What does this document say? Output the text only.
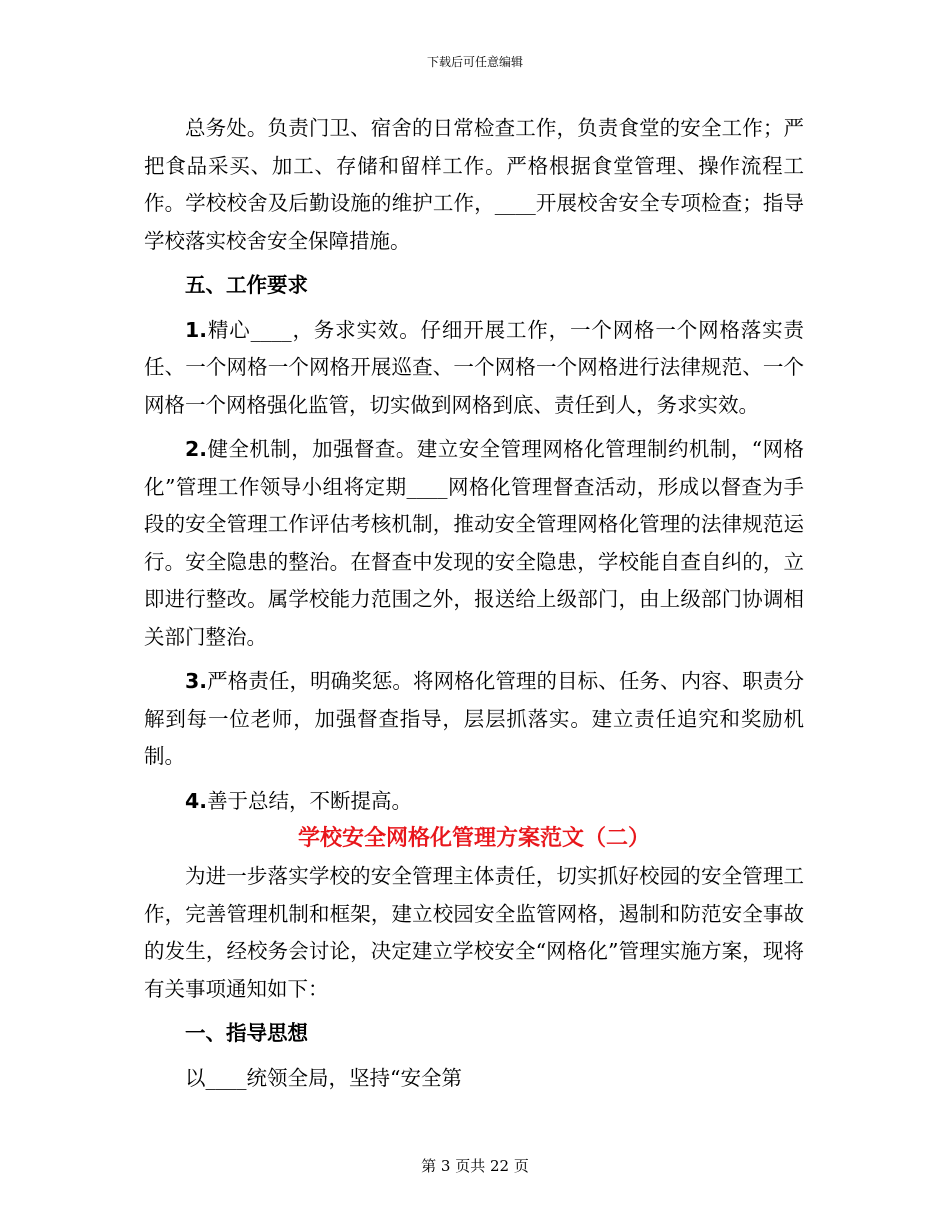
下载后可任意编辑

总务处。负责门卫、宿舍的日常检查工作，负责食堂的安全工作；严把食品采买、加工、存储和留样工作。严格根据食堂管理、操作流程工作。学校校舍及后勤设施的维护工作，____开展校舍安全专项检查；指导学校落实校舍安全保障措施。

五、工作要求

1.精心____，务求实效。仔细开展工作，一个网格一个网格落实责任、一个网格一个网格开展巡查、一个网格一个网格进行法律规范、一个网格一个网格强化监管，切实做到网格到底、责任到人，务求实效。

2.健全机制，加强督查。建立安全管理网格化管理制约机制，“网格化”管理工作领导小组将定期____网格化管理督查活动，形成以督查为手段的安全管理工作评估考核机制，推动安全管理网格化管理的法律规范运行。安全隐患的整治。在督查中发现的安全隐患，学校能自查自纠的，立即进行整改。属学校能力范围之外，报送给上级部门，由上级部门协调相关部门整治。

3.严格责任，明确奖惩。将网格化管理的目标、任务、内容、职责分解到每一位老师，加强督查指导，层层抓落实。建立责任追究和奖励机制。

4.善于总结，不断提高。

学校安全网格化管理方案范文（二）

为进一步落实学校的安全管理主体责任，切实抓好校园的安全管理工作，完善管理机制和框架，建立校园安全监管网格，遏制和防范安全事故的发生，经校务会讨论，决定建立学校安全“网格化”管理实施方案，现将有关事项通知如下：

一、指导思想

以____统领全局，坚持“安全第

第 3 页共 22 页
